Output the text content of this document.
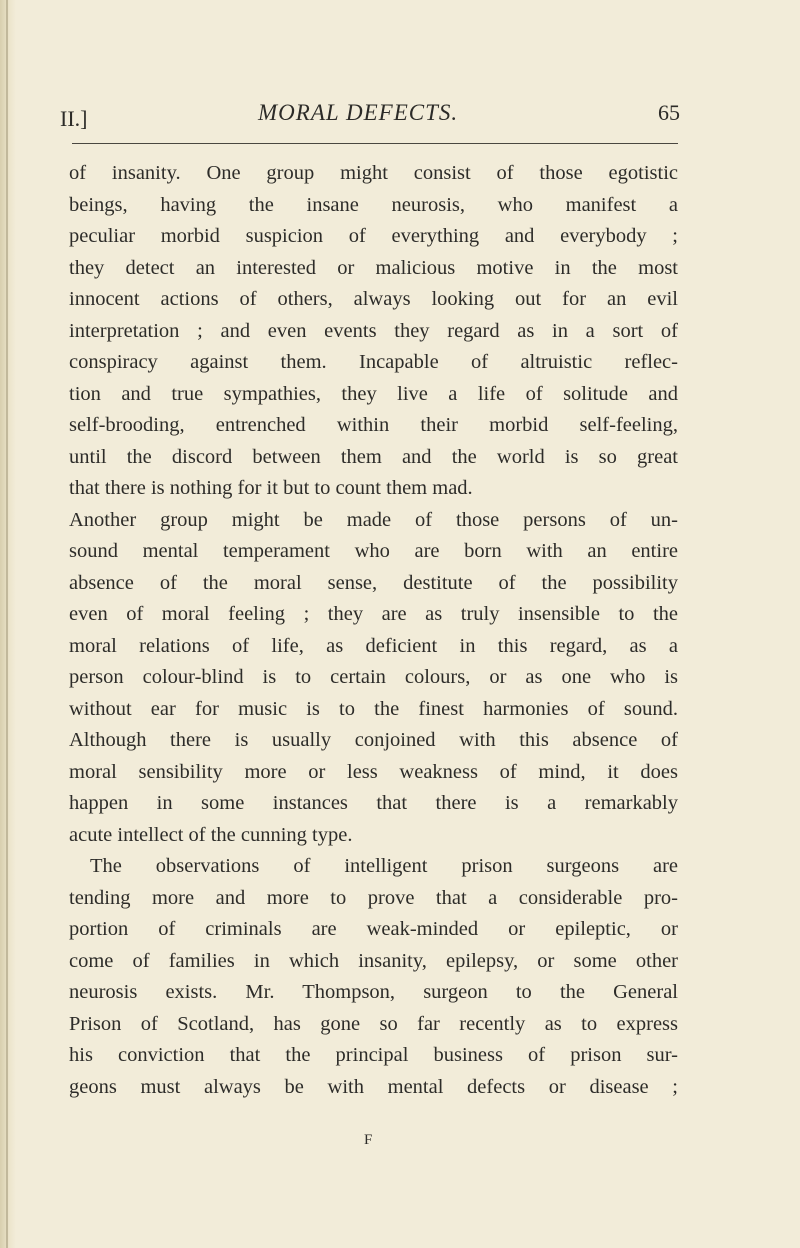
II.]	MORAL DEFECTS.	65
of insanity. One group might consist of those egotistic
beings, having the insane neurosis, who manifest a
peculiar morbid suspicion of everything and everybody ;
they detect an interested or malicious motive in the most
innocent actions of others, always looking out for an evil
interpretation ; and even events they regard as in a sort of
conspiracy against them. Incapable of altruistic reflec-
tion and true sympathies, they live a life of solitude and
self-brooding, entrenched within their morbid self-feeling,
until the discord between them and the world is so great
that there is nothing for it but to count them mad.
Another group might be made of those persons of un-
sound mental temperament who are born with an entire
absence of the moral sense, destitute of the possibility
even of moral feeling ; they are as truly insensible to the
moral relations of life, as deficient in this regard, as a
person colour-blind is to certain colours, or as one who is
without ear for music is to the finest harmonies of sound.
Although there is usually conjoined with this absence of
moral sensibility more or less weakness of mind, it does
happen in some instances that there is a remarkably
acute intellect of the cunning type.
The observations of intelligent prison surgeons are
tending more and more to prove that a considerable pro-
portion of criminals are weak-minded or epileptic, or
come of families in which insanity, epilepsy, or some other
neurosis exists. Mr. Thompson, surgeon to the General
Prison of Scotland, has gone so far recently as to express
his conviction that the principal business of prison sur-
geons must always be with mental defects or disease ;
F
